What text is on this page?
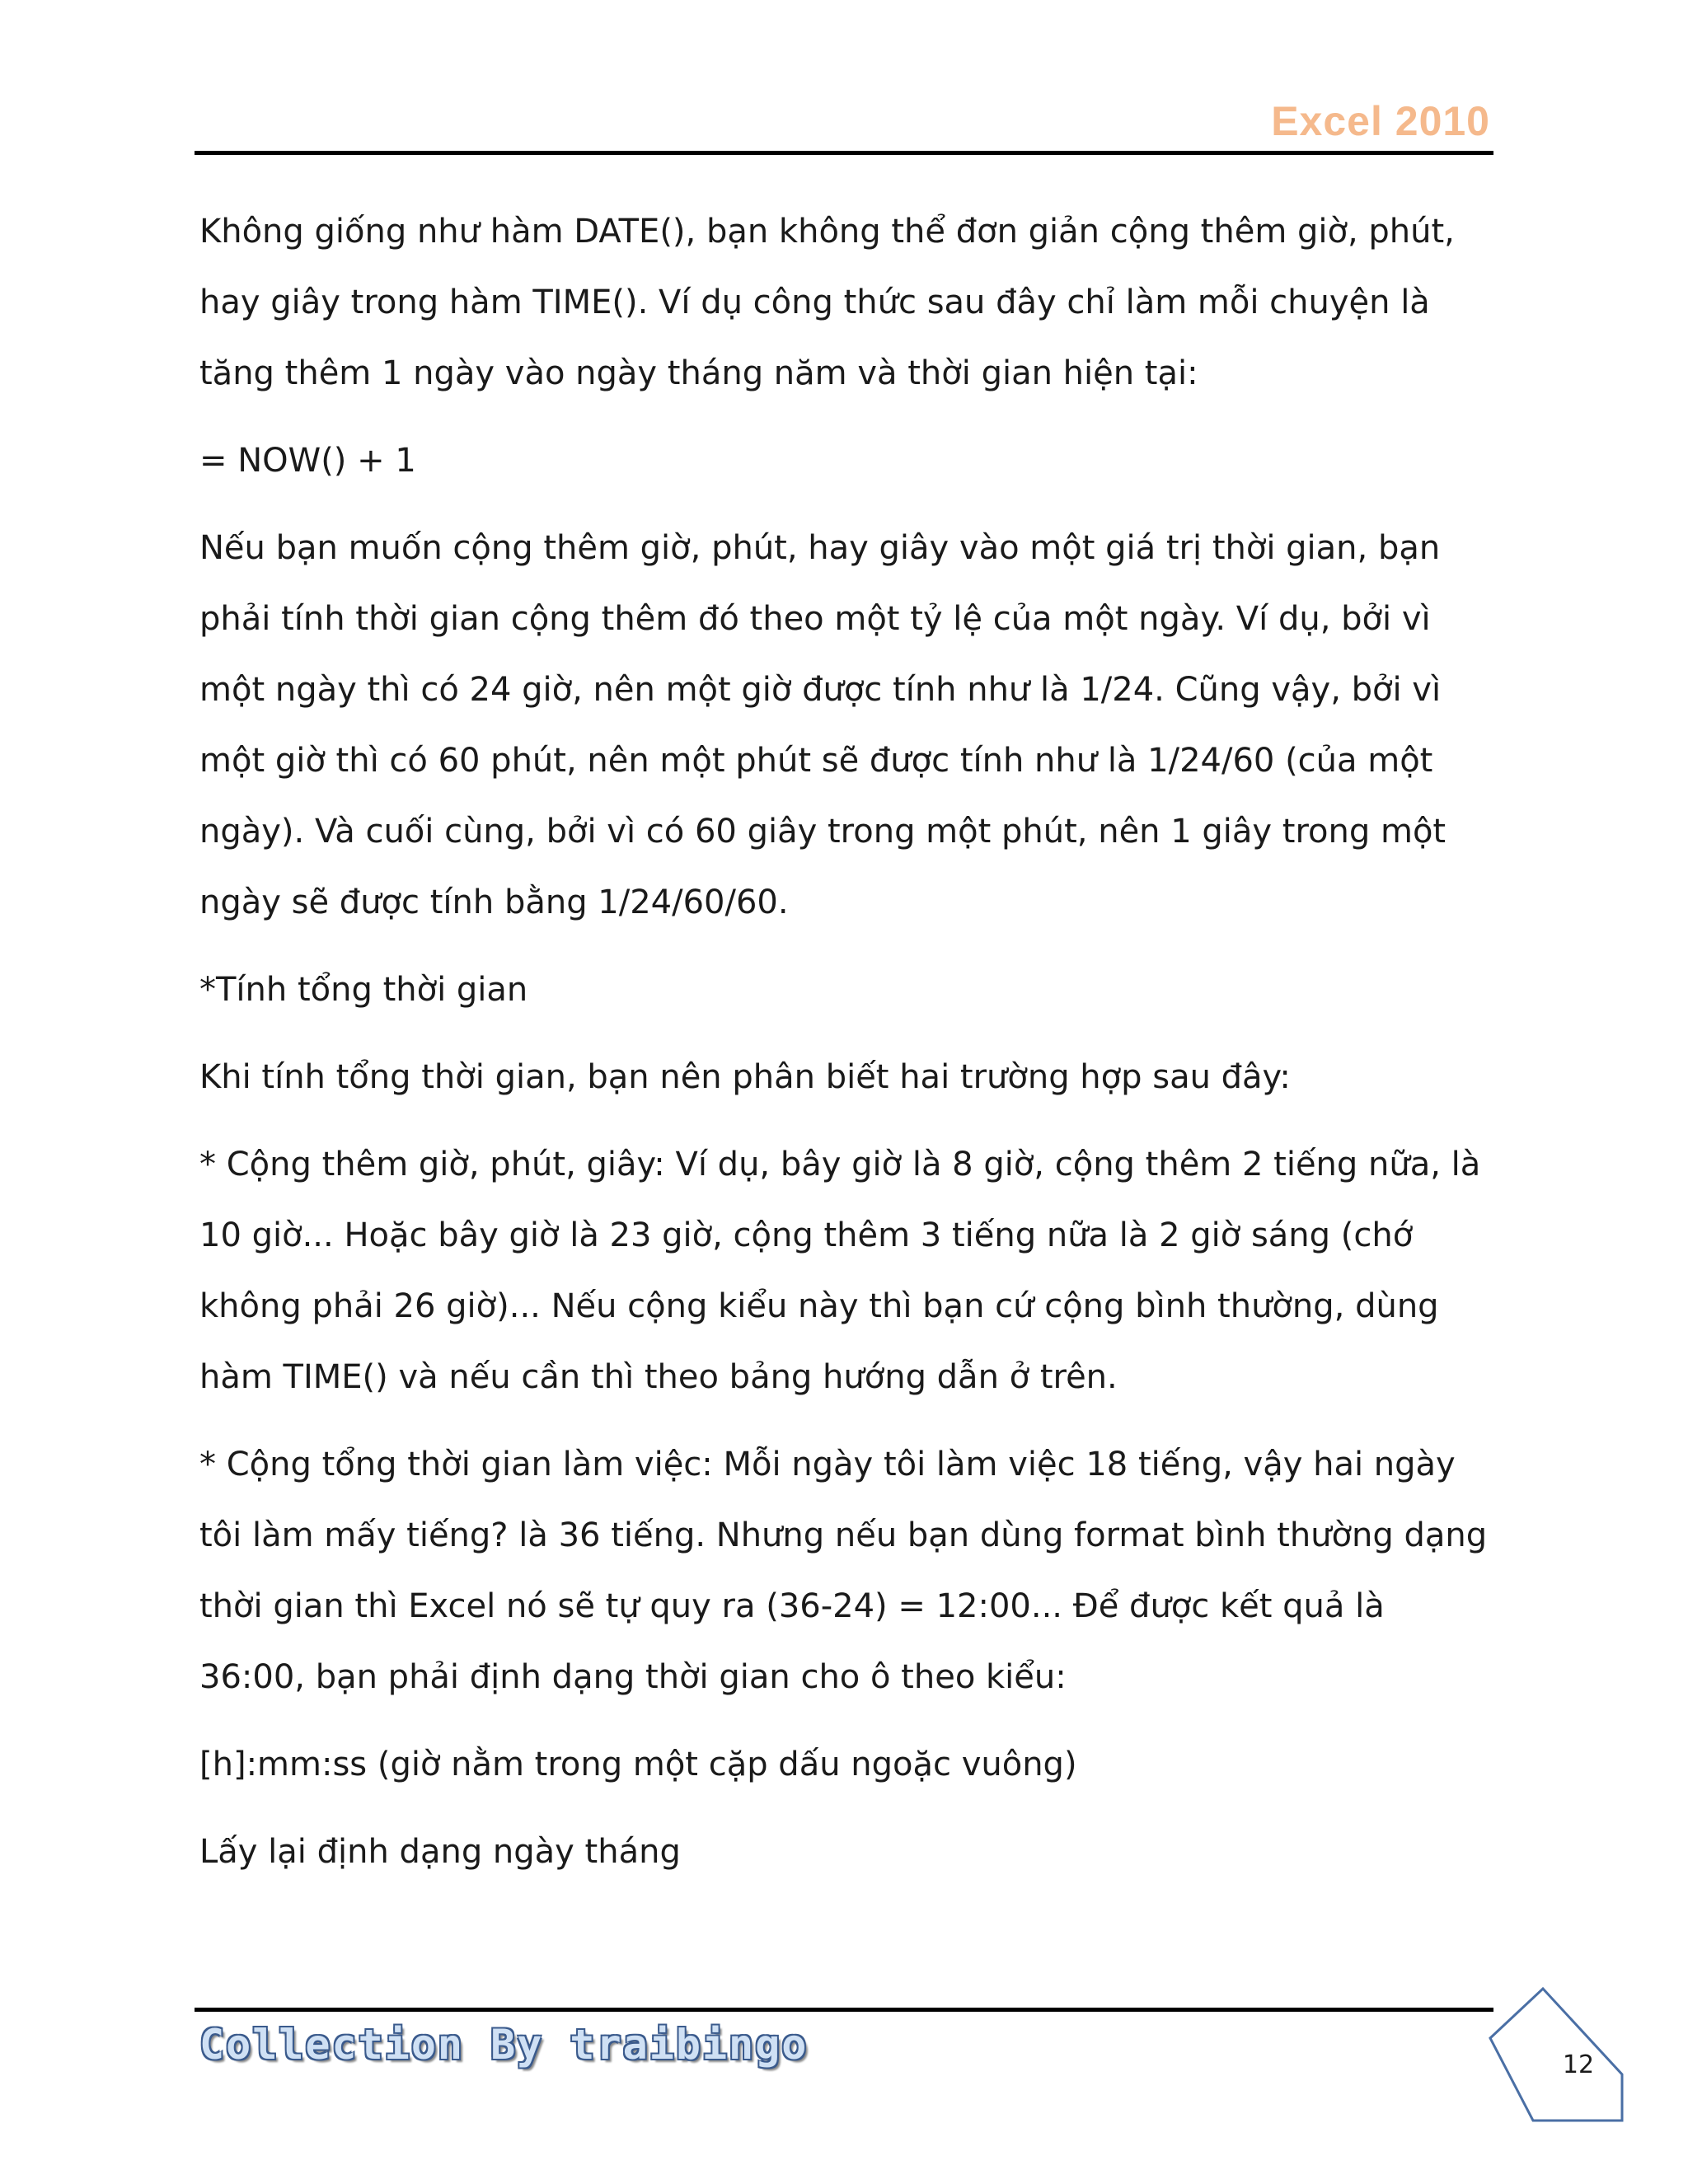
Excel 2010

Không giống như hàm DATE(), bạn không thể đơn giản cộng thêm giờ, phút, hay giây trong hàm TIME(). Ví dụ công thức sau đây chỉ làm mỗi chuyện là tăng thêm 1 ngày vào ngày tháng năm và thời gian hiện tại:

= NOW() + 1

Nếu bạn muốn cộng thêm giờ, phút, hay giây vào một giá trị thời gian, bạn phải tính thời gian cộng thêm đó theo một tỷ lệ của một ngày. Ví dụ, bởi vì một ngày thì có 24 giờ, nên một giờ được tính như là 1/24. Cũng vậy, bởi vì một giờ thì có 60 phút, nên một phút sẽ được tính như là 1/24/60 (của một ngày). Và cuối cùng, bởi vì có 60 giây trong một phút, nên 1 giây trong một ngày sẽ được tính bằng 1/24/60/60.

*Tính tổng thời gian

Khi tính tổng thời gian, bạn nên phân biết hai trường hợp sau đây:

* Cộng thêm giờ, phút, giây: Ví dụ, bây giờ là 8 giờ, cộng thêm 2 tiếng nữa, là 10 giờ... Hoặc bây giờ là 23 giờ, cộng thêm 3 tiếng nữa là 2 giờ sáng (chớ không phải 26 giờ)... Nếu cộng kiểu này thì bạn cứ cộng bình thường, dùng hàm TIME() và nếu cần thì theo bảng hướng dẫn ở trên.

* Cộng tổng thời gian làm việc: Mỗi ngày tôi làm việc 18 tiếng, vậy hai ngày tôi làm mấy tiếng? là 36 tiếng. Nhưng nếu bạn dùng format bình thường dạng thời gian thì Excel nó sẽ tự quy ra (36-24) = 12:00... Để được kết quả là 36:00, bạn phải định dạng thời gian cho ô theo kiểu:

[h]:mm:ss (giờ nằm trong một cặp dấu ngoặc vuông)

Lấy lại định dạng ngày tháng

Collection By traibingo	12
